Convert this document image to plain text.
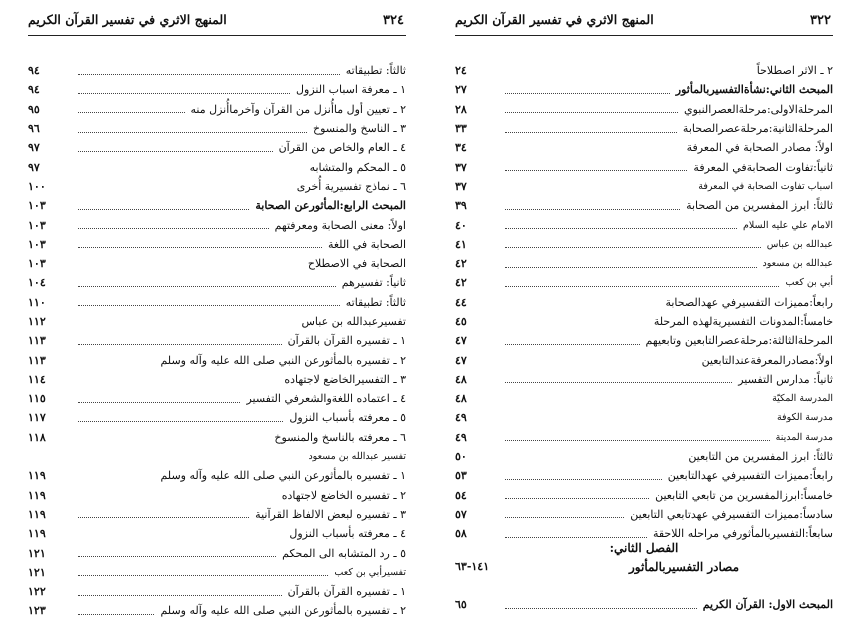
المنهج الاثري في تفسير القرآن الكريم	٣٢٤
ثالثاً: تطبيقاته
٩٤
١ ـ معرفة اسباب النزول
٩٤
٢ ـ تعيين أول ماأُنزل من القرآن وآخرماأُنزل منه
٩٥
٣ ـ الناسخ والمنسوخ
٩٦
٤ ـ العام والخاص من القرآن
٩٧
٥ ـ المحكم والمتشابه
٩٧
٦ ـ نماذج تفسيرية أُخرى
١٠٠
المبحث الرابع:المأثورعن الصحابة
١٠٣
اولاً: معنى الصحابة ومعرفتهم
١٠٣
الصحابة في اللغة
١٠٣
الصحابة في الاصطلاح
١٠٣
ثانياً: تفسيرهم
١٠٤
ثالثاً: تطبيقاته
١١٠
تفسيرعبدالله بن عباس
١١٢
١ ـ تفسيره القرآن بالقرآن
١١٣
٢ ـ تفسيره بالمأثورعن النبي صلى الله عليه وآله وسلم
١١٣
٣ ـ التفسيرالخاضع لاجتهاده
١١٤
٤ ـ اعتماده اللغةوالشعرفي التفسير
١١٥
٥ ـ معرفته بأسباب النزول
١١٧
٦ ـ معرفته بالناسخ والمنسوخ
١١٨
تفسير عبدالله بن مسعود
١ ـ تفسيره بالمأثورعن النبي صلى الله عليه وآله وسلم
١١٩
٢ ـ تفسيره الخاضع لاجتهاده
١١٩
٣ ـ تفسيره لبعض الالفاظ القرآنية
١١٩
٤ ـ معرفته بأسباب النزول
١١٩
٥ ـ رد المتشابه الى المحكم
١٢١
تفسيرأبي بن كعب
١٢١
١ ـ تفسيره القرآن بالقرآن
١٢٢
٢ ـ تفسيره بالمأثورعن النبي صلى الله عليه وآله وسلم
١٢٣
المنهج الاثري في تفسير القرآن الكريم	٣٢٢
٢ ـ الاثر اصطلاحاً
٢٤
المبحث الثاني:نشأةالتفسيربالمأثور
٢٧
المرحلةالاولى:مرحلةالعصرالنبوي
٢٨
المرحلةالثانية:مرحلةعصرالصحابة
٣٣
اولاً: مصادر الصحابة في المعرفة
٣٤
ثانياً:تفاوت الصحابةفي المعرفة
٣٧
اسباب تفاوت الصحابة في المعرفة
٣٧
ثالثاً: ابرز المفسرين من الصحابة
٣٩
الامام علي عليه السلام
٤٠
عبدالله بن عباس
٤١
عبدالله بن مسعود
٤٢
أبي بن كعب
٤٢
رابعاً:مميزات التفسيرفي عهدالصحابة
٤٤
خامساً:المدونات التفسيريةلهذه المرحلة
٤٥
المرحلةالثالثة:مرحلةعصرالتابعين وتابعيهم
٤٧
اولاً:مصادرالمعرفةعندالتابعين
٤٧
ثانياً: مدارس التفسير
٤٨
المدرسة المكيّة
٤٨
مدرسة الكوفة
٤٩
مدرسة المدينة
٤٩
ثالثاً: ابرز المفسرين من التابعين
٥٠
رابعاً:مميزات التفسيرفي عهدالتابعين
٥٣
خامساً:ابرزالمفسرين من تابعي التابعين
٥٤
سادساً:مميزات التفسيرفي عهدتابعي التابعين
٥٧
سابعاً:التفسيربالمأثورفي مراحله اللاحقة
٥٨
الفصل الثاني:
مصادر التفسيربالمأثور
١٤١-٦٣
المبحث الاول: القرآن الكريم
٦٥
